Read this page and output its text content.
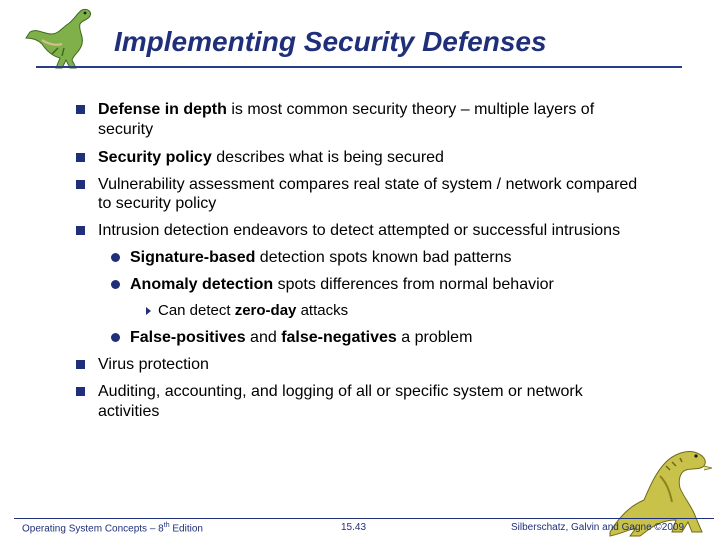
Implementing Security Defenses
Defense in depth is most common security theory – multiple layers of
security
Security policy describes what is being secured
Vulnerability assessment compares real state of system / network compared
to security policy
Intrusion detection endeavors to detect attempted or successful intrusions
Signature-based detection spots known bad patterns
Anomaly detection spots differences from normal behavior
Can detect zero-day attacks
False-positives and false-negatives a problem
Virus protection
Auditing, accounting, and logging of all or specific system or network
activities
Operating System Concepts – 8th Edition	15.43	Silberschatz, Galvin and Gagne ©2009
